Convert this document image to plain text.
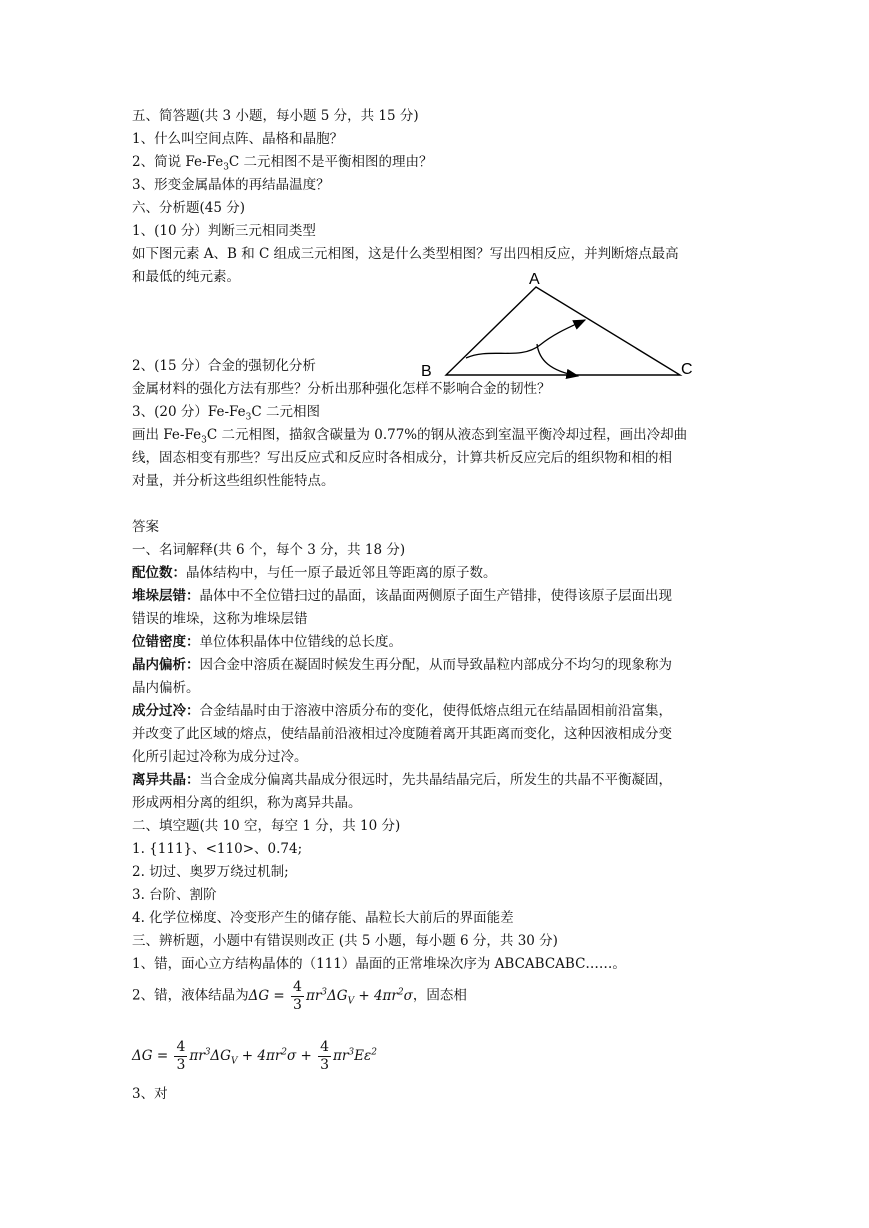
五、简答题(共 3 小题，每小题 5 分，共 15 分)
1、什么叫空间点阵、晶格和晶胞？
2、简说 $Fe-Fe_3C$ 二元相图不是平衡相图的理由？
3、形变金属晶体的再结晶温度？
六、分析题(45 分)
1、(10 分）判断三元相同类型
如下图元素 A、B 和 C 组成三元相图，这是什么类型相图？写出四相反应，并判断熔点最高
和最低的纯元素。	A
B	C
2、(15 分）合金的强韧化分析
金属材料的强化方法有那些？分析出那种强化怎样不影响合金的韧性？
3、(20 分）$Fe-Fe_3C$ 二元相图
画出 $Fe-Fe_3C$ 二元相图，描叙含碳量为 0.77%的钢从液态到室温平衡冷却过程，画出冷却曲
线，固态相变有那些？写出反应式和反应时各相成分，计算共析反应完后的组织物和相的相
对量，并分析这些组织性能特点。
答案
一、名词解释(共 6 个，每个 3 分，共 18 分)
配位数：晶体结构中，与任一原子最近邻且等距离的原子数。
堆垛层错：晶体中不全位错扫过的晶面，该晶面两侧原子面生产错排，使得该原子层面出现
错误的堆垛，这称为堆垛层错
位错密度：单位体积晶体中位错线的总长度。
晶内偏析：因合金中溶质在凝固时候发生再分配，从而导致晶粒内部成分不均匀的现象称为
晶内偏析。
成分过冷：合金结晶时由于溶液中溶质分布的变化，使得低熔点组元在结晶固相前沿富集，
并改变了此区域的熔点，使结晶前沿液相过冷度随着离开其距离而变化，这种因液相成分变
化所引起过冷称为成分过冷。
离异共晶：当合金成分偏离共晶成分很远时，先共晶结晶完后，所发生的共晶不平衡凝固，
形成两相分离的组织，称为离异共晶。
二、填空题(共 10 空，每空 1 分，共 10 分)
1. {111}、<110>、0.74;
2. 切过、奥罗万绕过机制;
3. 台阶、割阶
4. 化学位梯度、冷变形产生的储存能、晶粒长大前后的界面能差
三、辨析题，小题中有错误则改正 (共 5 小题，每小题 6 分，共 30 分)
1、错，面心立方结构晶体的（111）晶面的正常堆垛次序为 ABCABCABC……。
2、错，液体结晶为$\Delta G = \frac{4}{3} \pi r^3\Delta G_V + 4\pi r^2\sigma$，固态相
$\Delta G = \frac{4}{3} \pi r^3\Delta G_V + 4\pi r^2\sigma + \frac{4}{3} \pi r^3E\varepsilon^2$
3、对
